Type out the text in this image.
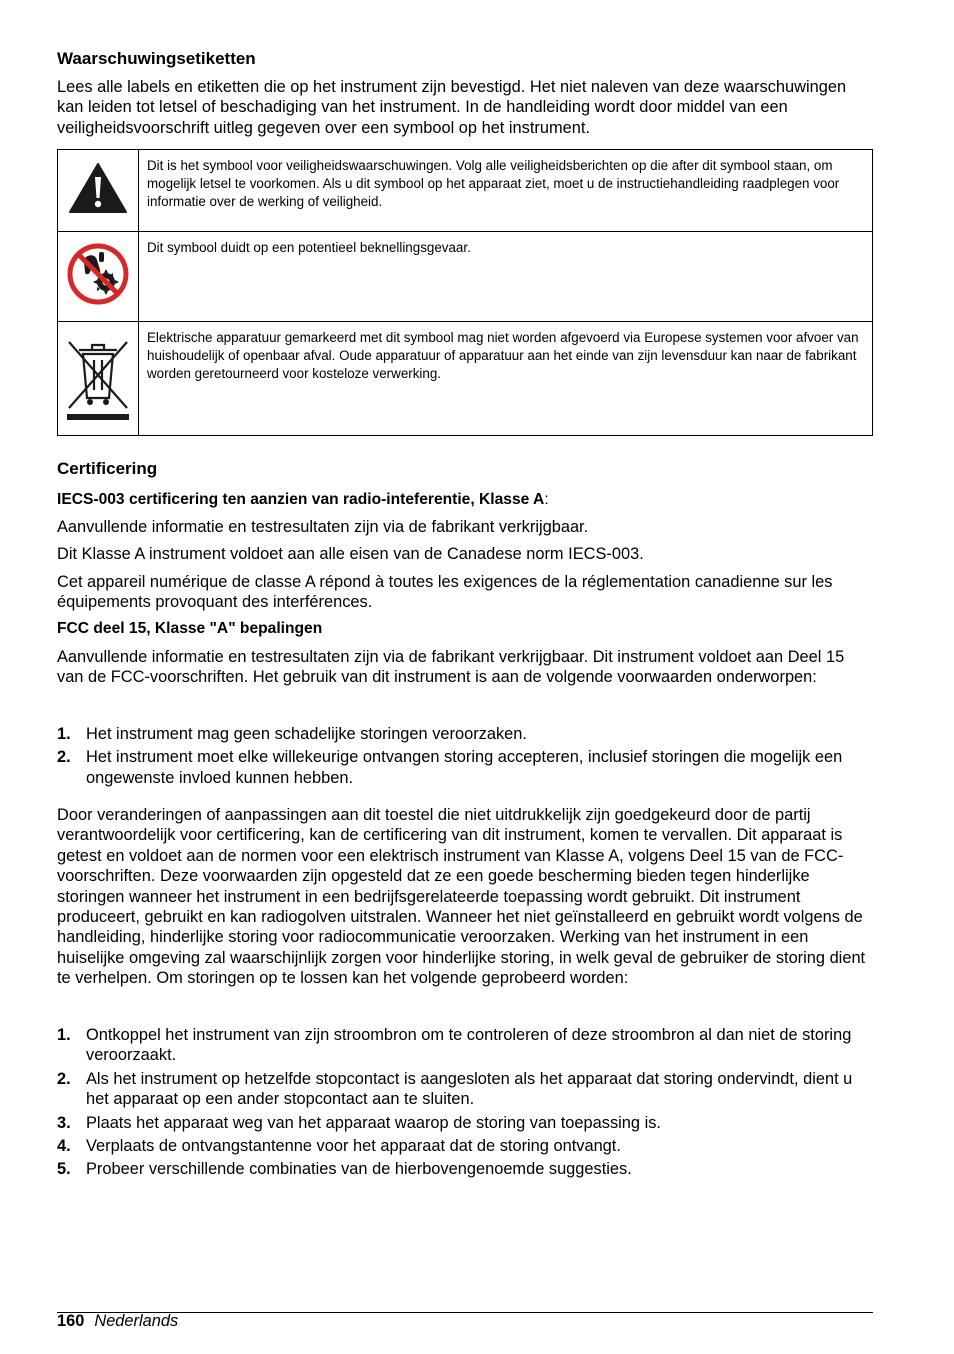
Waarschuwingsetiketten
Lees alle labels en etiketten die op het instrument zijn bevestigd. Het niet naleven van deze waarschuwingen kan leiden tot letsel of beschadiging van het instrument. In de handleiding wordt door middel van een veiligheidsvoorschrift uitleg gegeven over een symbool op het instrument.
	Dit is het symbool voor veiligheidswaarschuwingen. Volg alle veiligheidsberichten op die after dit symbool staan, om mogelijk letsel te voorkomen. Als u dit symbool op het apparaat ziet, moet u de instructiehandleiding raadplegen voor informatie over de werking of veiligheid.
	Dit symbool duidt op een potentieel beknellingsgevaar.
	Elektrische apparatuur gemarkeerd met dit symbool mag niet worden afgevoerd via Europese systemen voor afvoer van huishoudelijk of openbaar afval. Oude apparatuur of apparatuur aan het einde van zijn levensduur kan naar de fabrikant worden geretourneerd voor kosteloze verwerking.
Certificering
IECS-003 certificering ten aanzien van radio-inteferentie, Klasse A:
Aanvullende informatie en testresultaten zijn via de fabrikant verkrijgbaar.
Dit Klasse A instrument voldoet aan alle eisen van de Canadese norm IECS-003.
Cet appareil numérique de classe A répond à toutes les exigences de la réglementation canadienne sur les équipements provoquant des interférences.
FCC deel 15, Klasse "A" bepalingen
Aanvullende informatie en testresultaten zijn via de fabrikant verkrijgbaar. Dit instrument voldoet aan Deel 15 van de FCC-voorschriften. Het gebruik van dit instrument is aan de volgende voorwaarden onderworpen:
1. Het instrument mag geen schadelijke storingen veroorzaken.
2. Het instrument moet elke willekeurige ontvangen storing accepteren, inclusief storingen die mogelijk een ongewenste invloed kunnen hebben.
Door veranderingen of aanpassingen aan dit toestel die niet uitdrukkelijk zijn goedgekeurd door de partij verantwoordelijk voor certificering, kan de certificering van dit instrument, komen te vervallen. Dit apparaat is getest en voldoet aan de normen voor een elektrisch instrument van Klasse A, volgens Deel 15 van de FCC-voorschriften. Deze voorwaarden zijn opgesteld dat ze een goede bescherming bieden tegen hinderlijke storingen wanneer het instrument in een bedrijfsgerelateerde toepassing wordt gebruikt. Dit instrument produceert, gebruikt en kan radiogolven uitstralen. Wanneer het niet geïnstalleerd en gebruikt wordt volgens de handleiding, hinderlijke storing voor radiocommunicatie veroorzaken. Werking van het instrument in een huiselijke omgeving zal waarschijnlijk zorgen voor hinderlijke storing, in welk geval de gebruiker de storing dient te verhelpen. Om storingen op te lossen kan het volgende geprobeerd worden:
1. Ontkoppel het instrument van zijn stroombron om te controleren of deze stroombron al dan niet de storing veroorzaakt.
2. Als het instrument op hetzelfde stopcontact is aangesloten als het apparaat dat storing ondervindt, dient u het apparaat op een ander stopcontact aan te sluiten.
3. Plaats het apparaat weg van het apparaat waarop de storing van toepassing is.
4. Verplaats de ontvangstantenne voor het apparaat dat de storing ontvangt.
5. Probeer verschillende combinaties van de hierbovengenoemde suggesties.
160 Nederlands
